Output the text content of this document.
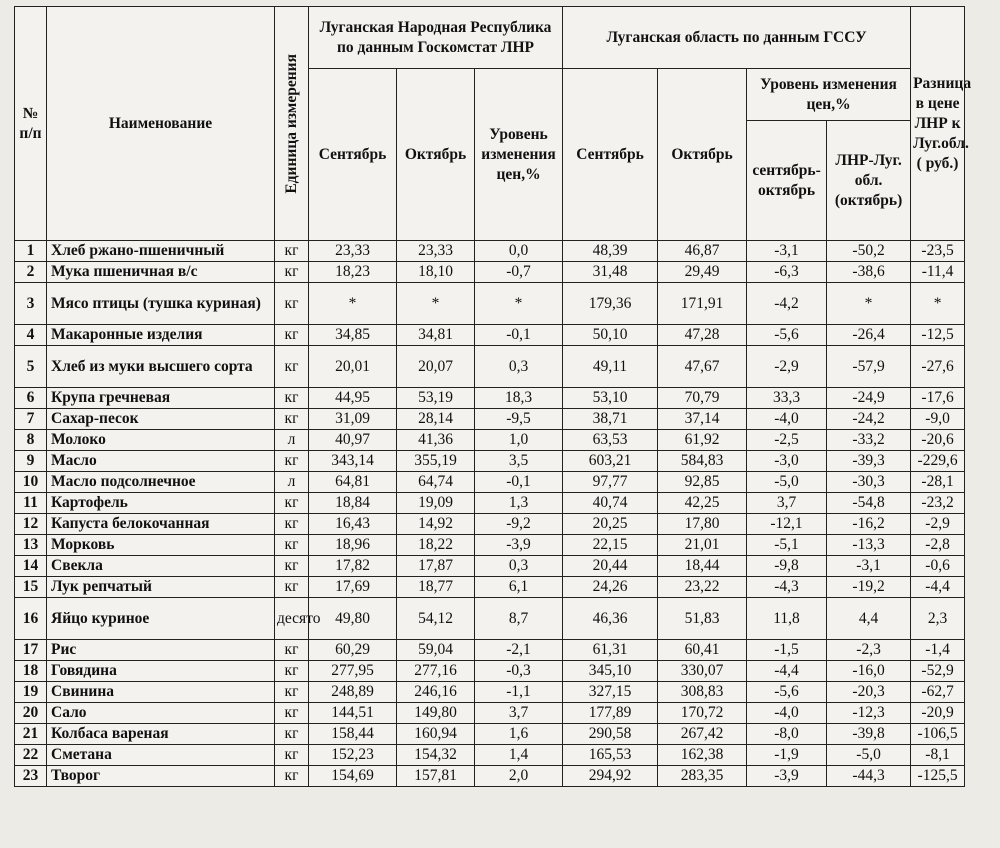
№ п/п	Наименование	Единица измерения	Луганская Народная Республика по данным Госкомстат ЛНР			Луганская область по данным ГССУ				Разница в цене ЛНР к Луг.обл. ( руб.)
			Сентябрь	Октябрь	Уровень изменения цен,%	Сентябрь	Октябрь	Уровень изменения цен,%		
								сентябрь-октябрь	ЛНР-Луг. обл. (октябрь)	
1	Хлеб ржано-пшеничный	кг	23,33	23,33	0,0	48,39	46,87	-3,1	-50,2	-23,5
2	Мука пшеничная в/с	кг	18,23	18,10	-0,7	31,48	29,49	-6,3	-38,6	-11,4
3	Мясо птицы (тушка куриная)	кг	*	*	*	179,36	171,91	-4,2	*	*
4	Макаронные изделия	кг	34,85	34,81	-0,1	50,10	47,28	-5,6	-26,4	-12,5
5	Хлеб из муки высшего сорта	кг	20,01	20,07	0,3	49,11	47,67	-2,9	-57,9	-27,6
6	Крупа гречневая	кг	44,95	53,19	18,3	53,10	70,79	33,3	-24,9	-17,6
7	Сахар-песок	кг	31,09	28,14	-9,5	38,71	37,14	-4,0	-24,2	-9,0
8	Молоко	л	40,97	41,36	1,0	63,53	61,92	-2,5	-33,2	-20,6
9	Масло	кг	343,14	355,19	3,5	603,21	584,83	-3,0	-39,3	-229,6
10	Масло подсолнечное	л	64,81	64,74	-0,1	97,77	92,85	-5,0	-30,3	-28,1
11	Картофель	кг	18,84	19,09	1,3	40,74	42,25	3,7	-54,8	-23,2
12	Капуста белокочанная	кг	16,43	14,92	-9,2	20,25	17,80	-12,1	-16,2	-2,9
13	Морковь	кг	18,96	18,22	-3,9	22,15	21,01	-5,1	-13,3	-2,8
14	Свекла	кг	17,82	17,87	0,3	20,44	18,44	-9,8	-3,1	-0,6
15	Лук репчатый	кг	17,69	18,77	6,1	24,26	23,22	-4,3	-19,2	-4,4
16	Яйцо куриное	десято	49,80	54,12	8,7	46,36	51,83	11,8	4,4	2,3
17	Рис	кг	60,29	59,04	-2,1	61,31	60,41	-1,5	-2,3	-1,4
18	Говядина	кг	277,95	277,16	-0,3	345,10	330,07	-4,4	-16,0	-52,9
19	Свинина	кг	248,89	246,16	-1,1	327,15	308,83	-5,6	-20,3	-62,7
20	Сало	кг	144,51	149,80	3,7	177,89	170,72	-4,0	-12,3	-20,9
21	Колбаса вареная	кг	158,44	160,94	1,6	290,58	267,42	-8,0	-39,8	-106,5
22	Сметана	кг	152,23	154,32	1,4	165,53	162,38	-1,9	-5,0	-8,1
23	Творог	кг	154,69	157,81	2,0	294,92	283,35	-3,9	-44,3	-125,5
